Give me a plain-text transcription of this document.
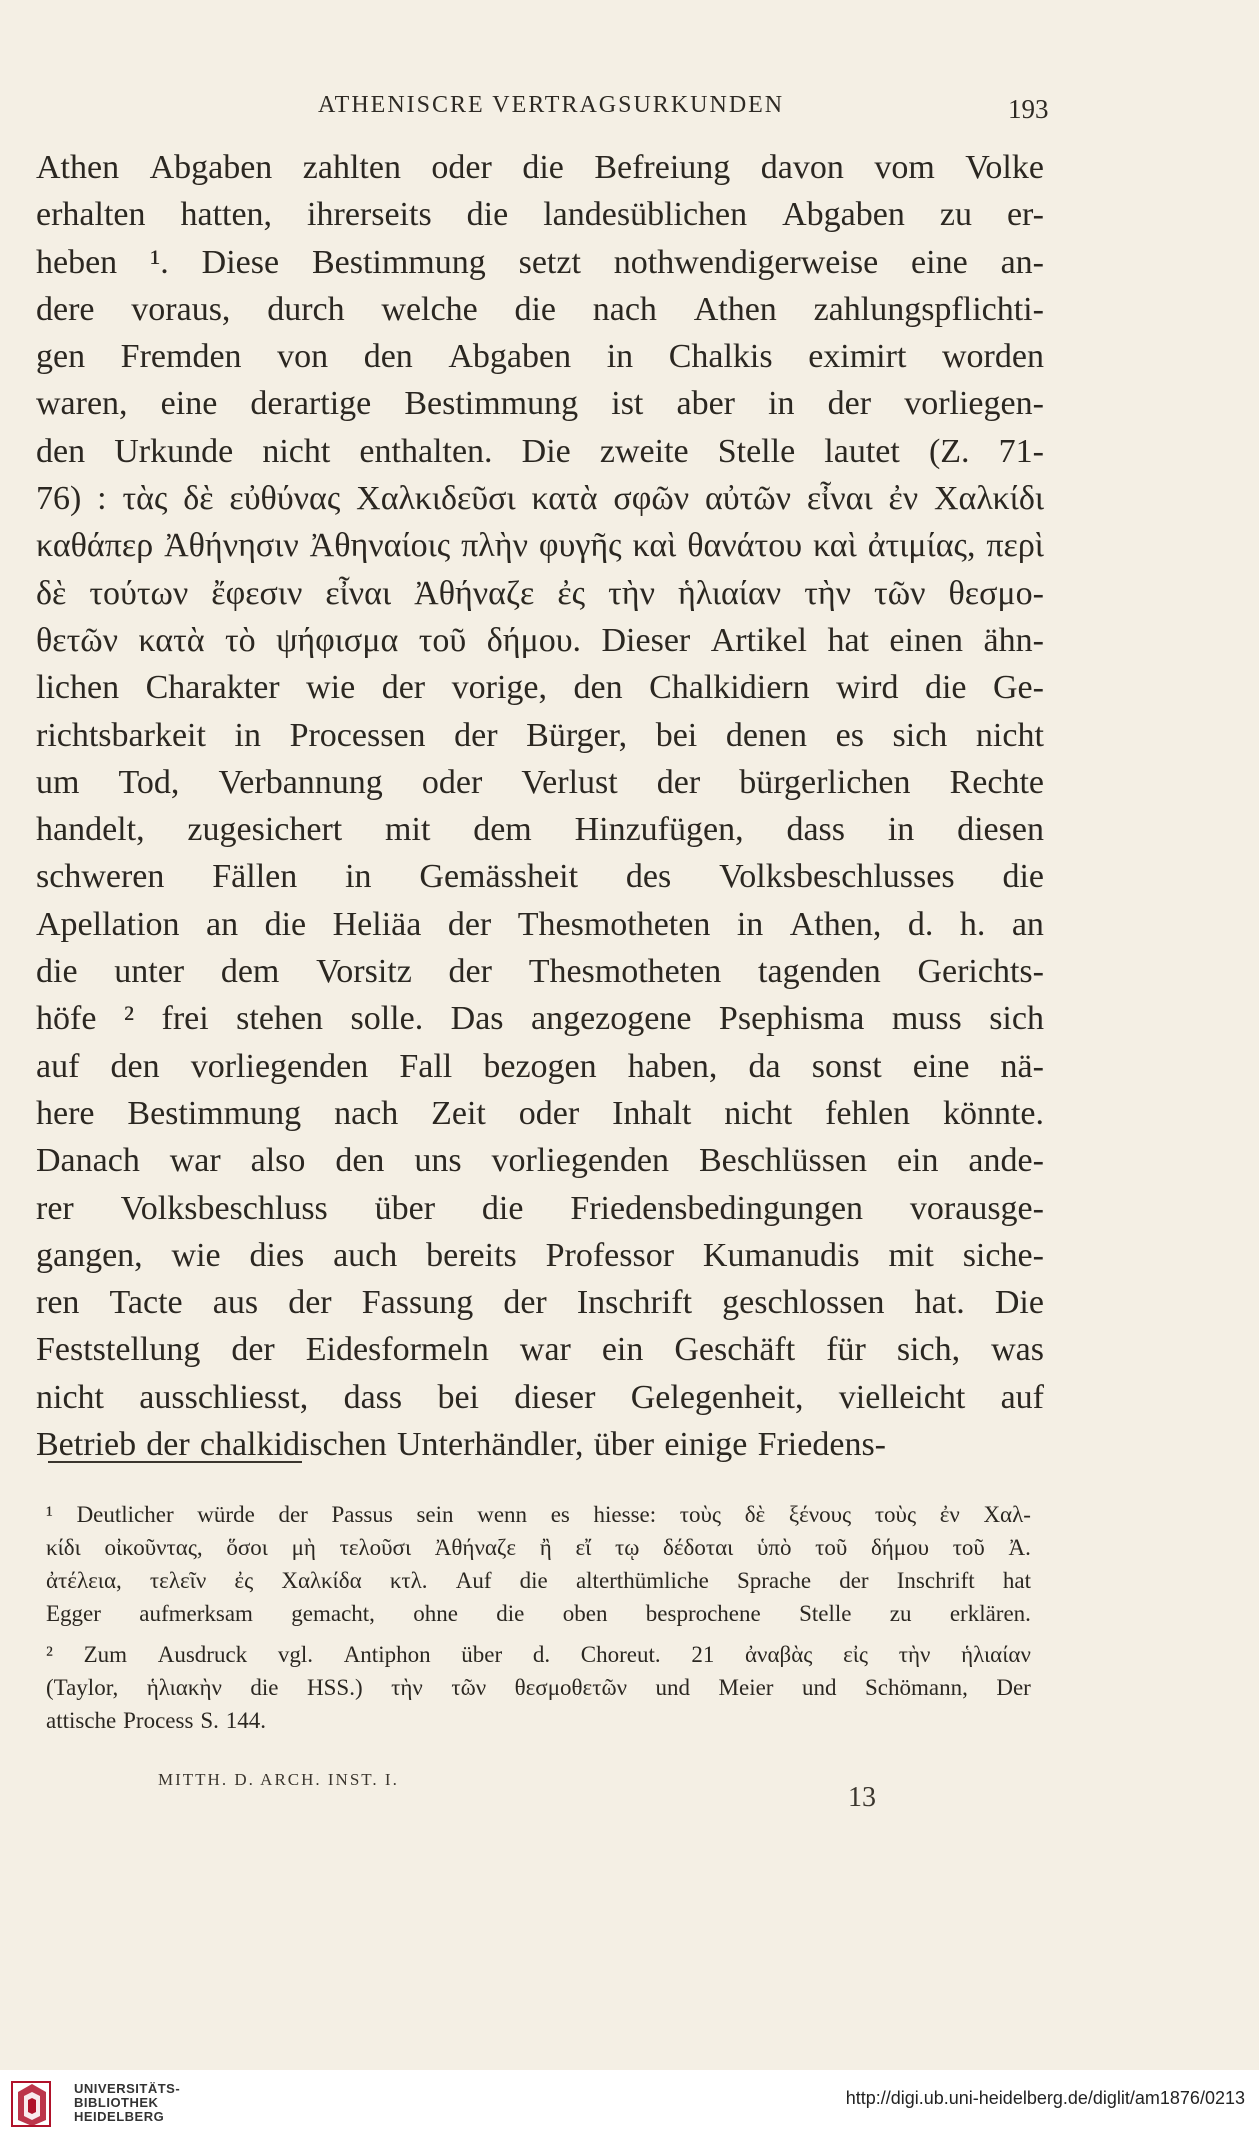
ATHENISCRE VERTRAGSURKUNDEN	193
Athen Abgaben zahlten oder die Befreiung davon vom Volke
erhalten hatten, ihrerseits die landesüblichen Abgaben zu er-
heben ¹. Diese Bestimmung setzt nothwendigerweise eine an-
dere voraus, durch welche die nach Athen zahlungspflichti-
gen Fremden von den Abgaben in Chalkis eximirt worden
waren, eine derartige Bestimmung ist aber in der vorliegen-
den Urkunde nicht enthalten. Die zweite Stelle lautet (Z. 71-
76) : τὰς δὲ εὐθύνας Χαλκιδεῦσι κατὰ σφῶν αὐτῶν εἶναι ἐν Χαλκίδι
καθάπερ Ἀθήνησιν Ἀθηναίοις πλὴν φυγῆς καὶ θανάτου καὶ ἀτιμίας, περὶ
δὲ τούτων ἔφεσιν εἶναι Ἀθήναζε ἐς τὴν ἡλιαίαν τὴν τῶν θεσμο-
θετῶν κατὰ τὸ ψήφισμα τοῦ δήμου. Dieser Artikel hat einen ähn-
lichen Charakter wie der vorige, den Chalkidiern wird die Ge-
richtsbarkeit in Processen der Bürger, bei denen es sich nicht
um Tod, Verbannung oder Verlust der bürgerlichen Rechte
handelt, zugesichert mit dem Hinzufügen, dass in diesen
schweren Fällen in Gemässheit des Volksbeschlusses die
Apellation an die Heliäa der Thesmotheten in Athen, d. h. an
die unter dem Vorsitz der Thesmotheten tagenden Gerichts-
höfe ² frei stehen solle. Das angezogene Psephisma muss sich
auf den vorliegenden Fall bezogen haben, da sonst eine nä-
here Bestimmung nach Zeit oder Inhalt nicht fehlen könnte.
Danach war also den uns vorliegenden Beschlüssen ein ande-
rer Volksbeschluss über die Friedensbedingungen vorausge-
gangen, wie dies auch bereits Professor Kumanudis mit siche-
ren Tacte aus der Fassung der Inschrift geschlossen hat. Die
Feststellung der Eidesformeln war ein Geschäft für sich, was
nicht ausschliesst, dass bei dieser Gelegenheit, vielleicht auf
Betrieb der chalkidischen Unterhändler, über einige Friedens-
¹ Deutlicher würde der Passus sein wenn es hiesse: τοὺς δὲ ξένους τοὺς ἐν Χαλ-
κίδι οἰκοῦντας, ὅσοι μὴ τελοῦσι Ἀθήναζε ἢ εἴ τῳ δέδοται ὑπὸ τοῦ δήμου τοῦ Ἀ.
ἀτέλεια, τελεῖν ἐς Χαλκίδα κτλ. Auf die alterthümliche Sprache der Inschrift hat
Egger aufmerksam gemacht, ohne die oben besprochene Stelle zu erklären.
² Zum Ausdruck vgl. Antiphon über d. Choreut. 21 ἀναβὰς εἰς τὴν ἡλιαίαν
(Taylor, ἡλιακὴν die HSS.) τὴν τῶν θεσμοθετῶν und Meier und Schömann, Der
attische Process S. 144.
MITTH. D. ARCH. INST. I.
13
UNIVERSITÄTS-
BIBLIOTHEK
HEIDELBERG
http://digi.ub.uni-heidelberg.de/diglit/am1876/0213
